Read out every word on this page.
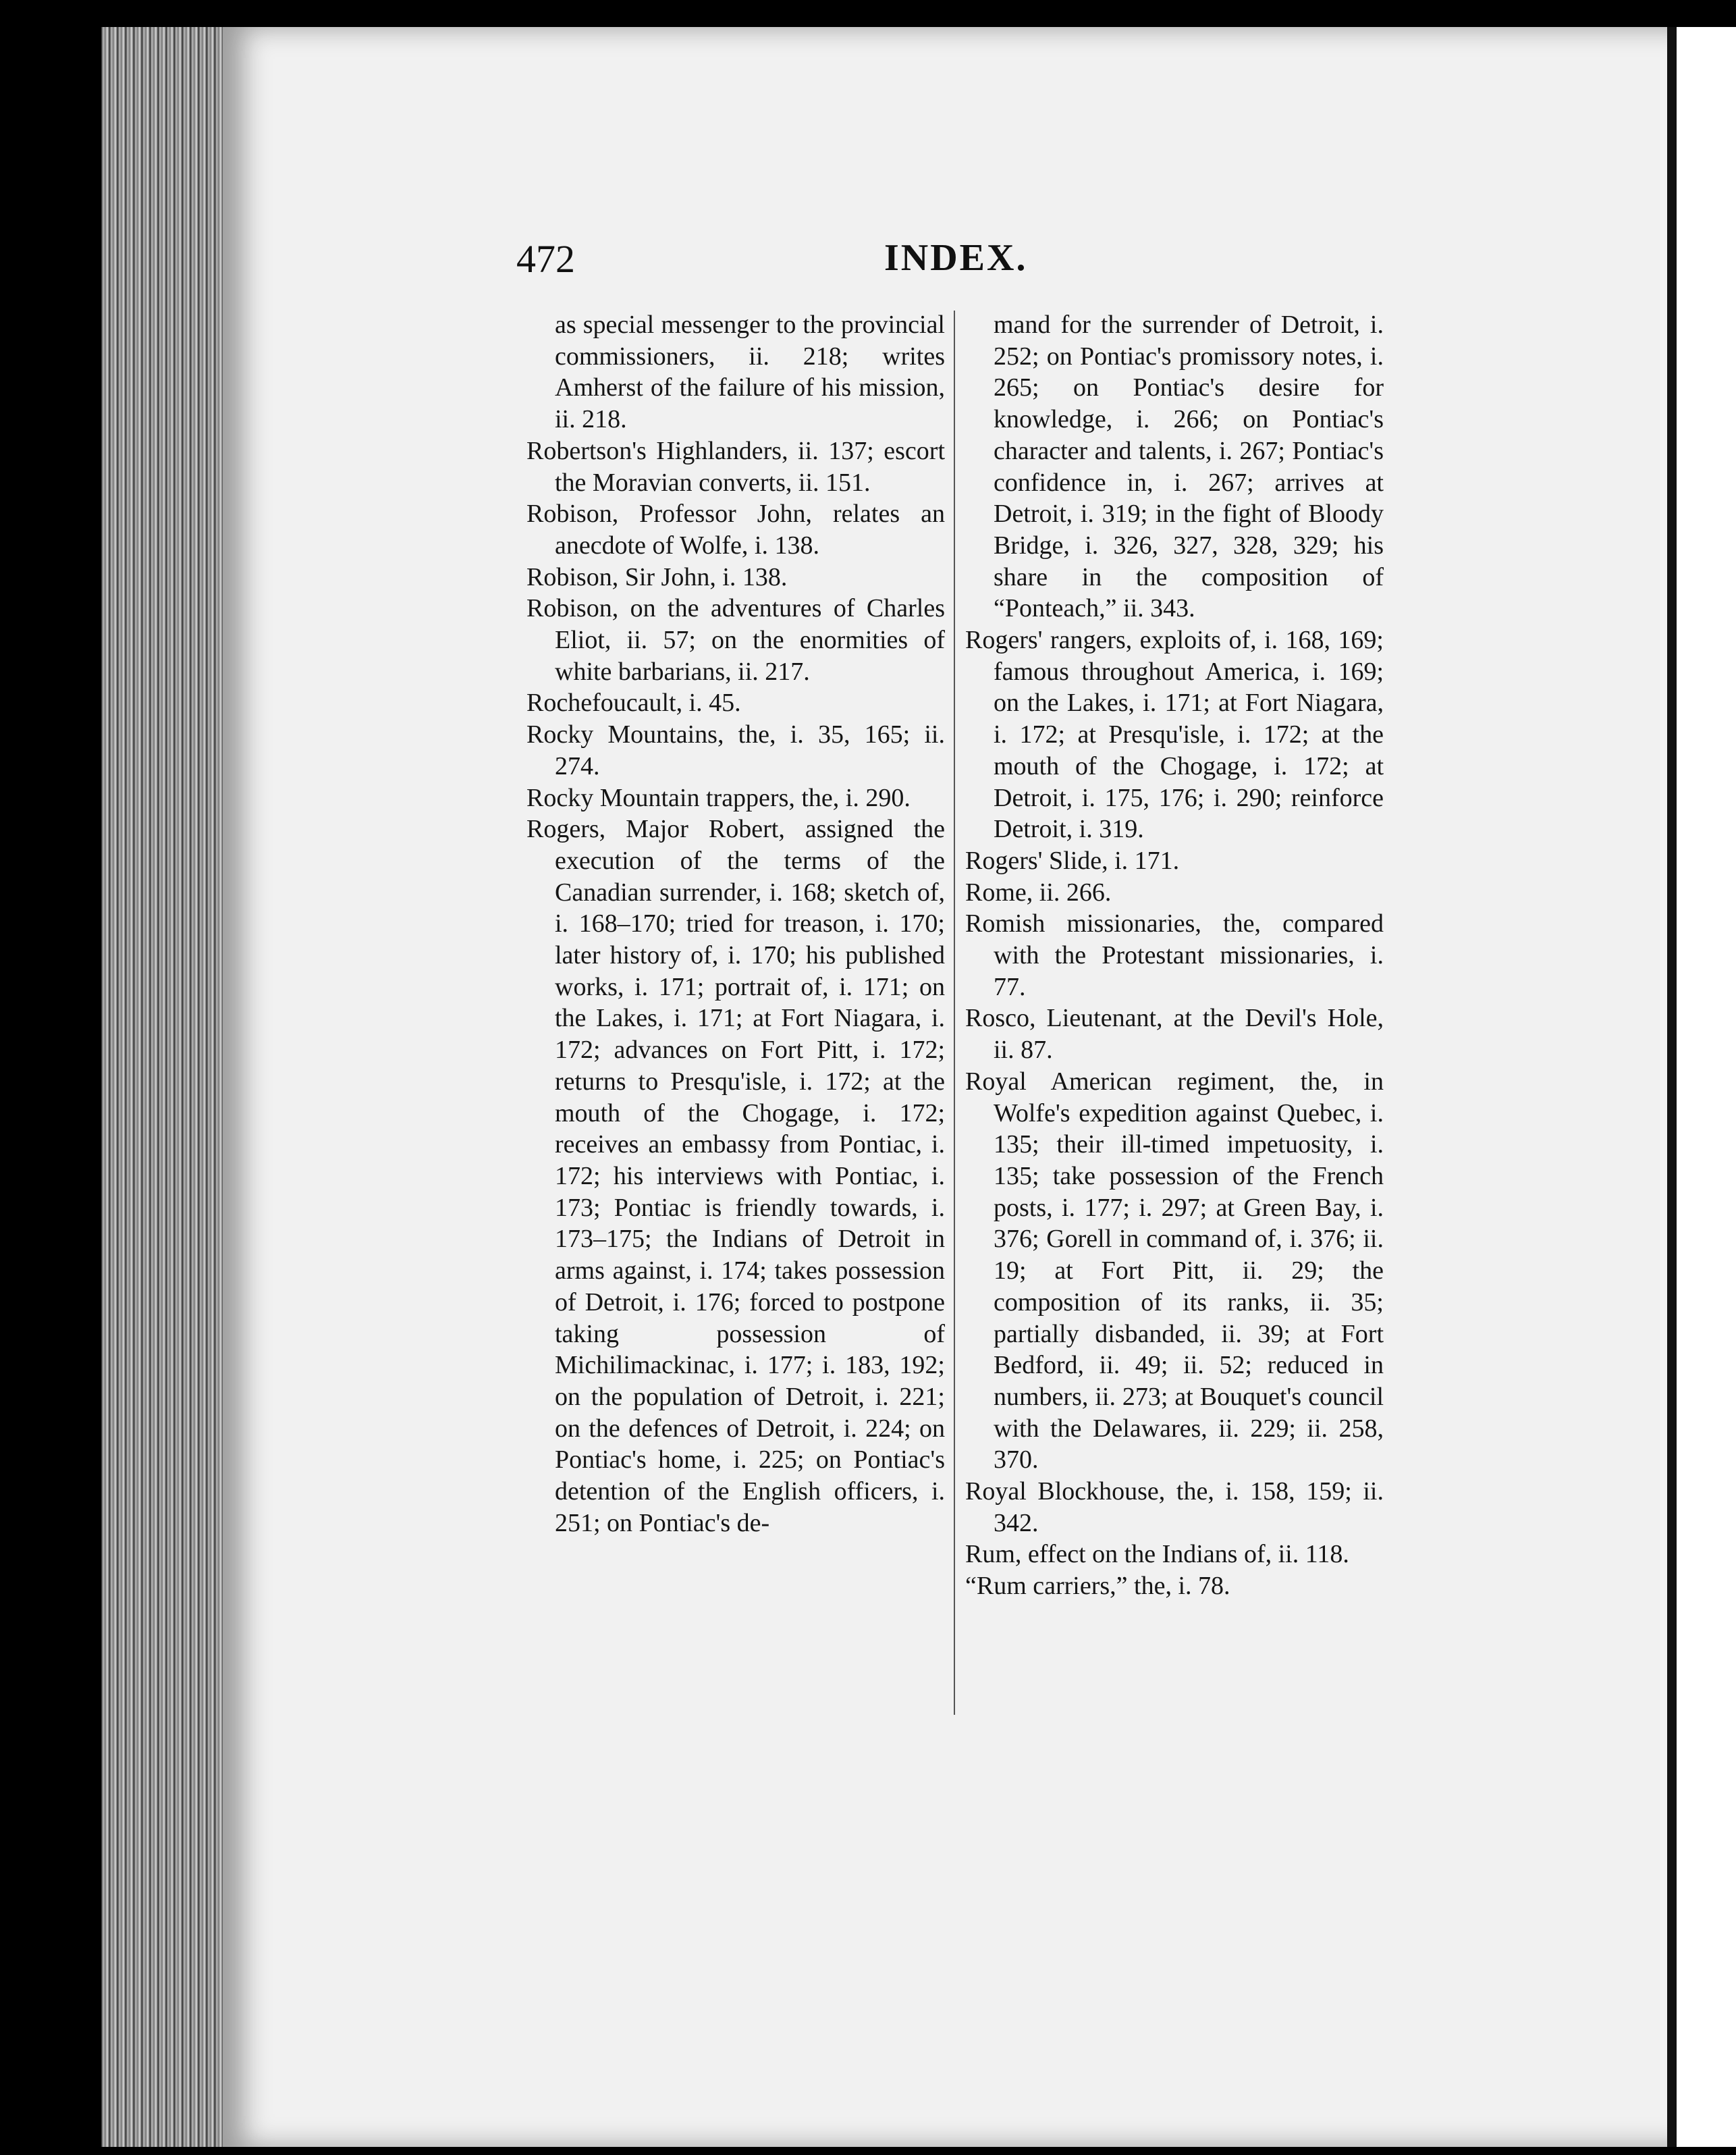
472	INDEX.

as special messenger to the provincial commissioners, ii. 218; writes Amherst of the failure of his mission, ii. 218.

Robertson's Highlanders, ii. 137; escort the Moravian converts, ii. 151.

Robison, Professor John, relates an anecdote of Wolfe, i. 138.

Robison, Sir John, i. 138.

Robison, on the adventures of Charles Eliot, ii. 57; on the enormities of white barbarians, ii. 217.

Rochefoucault, i. 45.

Rocky Mountains, the, i. 35, 165; ii. 274.

Rocky Mountain trappers, the, i. 290.

Rogers, Major Robert, assigned the execution of the terms of the Canadian surrender, i. 168; sketch of, i. 168–170; tried for treason, i. 170; later history of, i. 170; his published works, i. 171; portrait of, i. 171; on the Lakes, i. 171; at Fort Niagara, i. 172; advances on Fort Pitt, i. 172; returns to Presqu'isle, i. 172; at the mouth of the Chogage, i. 172; receives an embassy from Pontiac, i. 172; his interviews with Pontiac, i. 173; Pontiac is friendly towards, i. 173–175; the Indians of Detroit in arms against, i. 174; takes possession of Detroit, i. 176; forced to postpone taking possession of Michilimackinac, i. 177; i. 183, 192; on the population of Detroit, i. 221; on the defences of Detroit, i. 224; on Pontiac's home, i. 225; on Pontiac's detention of the English officers, i. 251; on Pontiac's de-

mand for the surrender of Detroit, i. 252; on Pontiac's promissory notes, i. 265; on Pontiac's desire for knowledge, i. 266; on Pontiac's character and talents, i. 267; Pontiac's confidence in, i. 267; arrives at Detroit, i. 319; in the fight of Bloody Bridge, i. 326, 327, 328, 329; his share in the composition of “Ponteach,” ii. 343.

Rogers' rangers, exploits of, i. 168, 169; famous throughout America, i. 169; on the Lakes, i. 171; at Fort Niagara, i. 172; at Presqu'isle, i. 172; at the mouth of the Chogage, i. 172; at Detroit, i. 175, 176; i. 290; reinforce Detroit, i. 319.

Rogers' Slide, i. 171.

Rome, ii. 266.

Romish missionaries, the, compared with the Protestant missionaries, i. 77.

Rosco, Lieutenant, at the Devil's Hole, ii. 87.

Royal American regiment, the, in Wolfe's expedition against Quebec, i. 135; their ill-timed impetuosity, i. 135; take possession of the French posts, i. 177; i. 297; at Green Bay, i. 376; Gorell in command of, i. 376; ii. 19; at Fort Pitt, ii. 29; the composition of its ranks, ii. 35; partially disbanded, ii. 39; at Fort Bedford, ii. 49; ii. 52; reduced in numbers, ii. 273; at Bouquet's council with the Delawares, ii. 229; ii. 258, 370.

Royal Blockhouse, the, i. 158, 159; ii. 342.

Rum, effect on the Indians of, ii. 118.

“Rum carriers,” the, i. 78.
